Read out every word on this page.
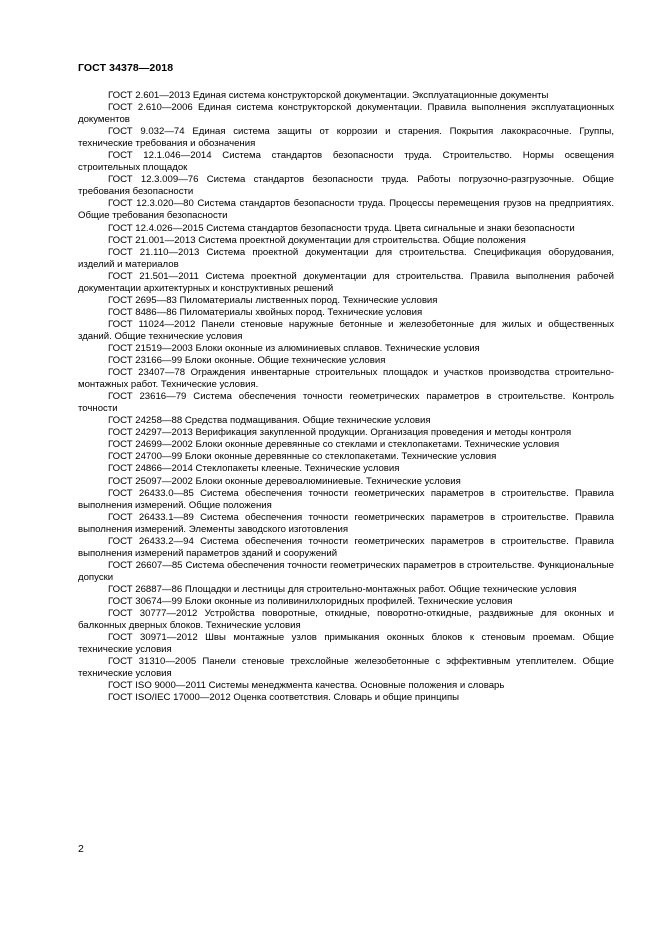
ГОСТ 34378—2018
ГОСТ 2.601—2013 Единая система конструкторской документации. Эксплуатационные документы
ГОСТ 2.610—2006 Единая система конструкторской документации. Правила выполнения эксплуатационных документов
ГОСТ 9.032—74 Единая система защиты от коррозии и старения. Покрытия лакокрасочные. Группы, технические требования и обозначения
ГОСТ 12.1.046—2014 Система стандартов безопасности труда. Строительство. Нормы освещения строительных площадок
ГОСТ 12.3.009—76 Система стандартов безопасности труда. Работы погрузочно-разгрузочные. Общие требования безопасности
ГОСТ 12.3.020—80 Система стандартов безопасности труда. Процессы перемещения грузов на предприятиях. Общие требования безопасности
ГОСТ 12.4.026—2015 Система стандартов безопасности труда. Цвета сигнальные и знаки безопасности
ГОСТ 21.001—2013 Система проектной документации для строительства. Общие положения
ГОСТ 21.110—2013 Система проектной документации для строительства. Спецификация оборудования, изделий и материалов
ГОСТ 21.501—2011 Система проектной документации для строительства. Правила выполнения рабочей документации архитектурных и конструктивных решений
ГОСТ 2695—83 Пиломатериалы лиственных пород. Технические условия
ГОСТ 8486—86 Пиломатериалы хвойных пород. Технические условия
ГОСТ 11024—2012 Панели стеновые наружные бетонные и железобетонные для жилых и общественных зданий. Общие технические условия
ГОСТ 21519—2003 Блоки оконные из алюминиевых сплавов. Технические условия
ГОСТ 23166—99 Блоки оконные. Общие технические условия
ГОСТ 23407—78 Ограждения инвентарные строительных площадок и участков производства строительно-монтажных работ. Технические условия.
ГОСТ 23616—79 Система обеспечения точности геометрических параметров в строительстве. Контроль точности
ГОСТ 24258—88 Средства подмащивания. Общие технические условия
ГОСТ 24297—2013 Верификация закупленной продукции. Организация проведения и методы контроля
ГОСТ 24699—2002 Блоки оконные деревянные со стеклами и стеклопакетами. Технические условия
ГОСТ 24700—99 Блоки оконные деревянные со стеклопакетами. Технические условия
ГОСТ 24866—2014 Стеклопакеты клееные. Технические условия
ГОСТ 25097—2002 Блоки оконные деревоалюминиевые. Технические условия
ГОСТ 26433.0—85 Система обеспечения точности геометрических параметров в строительстве. Правила выполнения измерений. Общие положения
ГОСТ 26433.1—89 Система обеспечения точности геометрических параметров в строительстве. Правила выполнения измерений. Элементы заводского изготовления
ГОСТ 26433.2—94 Система обеспечения точности геометрических параметров в строительстве. Правила выполнения измерений параметров зданий и сооружений
ГОСТ 26607—85 Система обеспечения точности геометрических параметров в строительстве. Функциональные допуски
ГОСТ 26887—86 Площадки и лестницы для строительно-монтажных работ. Общие технические условия
ГОСТ 30674—99 Блоки оконные из поливинилхлоридных профилей. Технические условия
ГОСТ 30777—2012 Устройства поворотные, откидные, поворотно-откидные, раздвижные для оконных и балконных дверных блоков. Технические условия
ГОСТ 30971—2012 Швы монтажные узлов примыкания оконных блоков к стеновым проемам. Общие технические условия
ГОСТ 31310—2005 Панели стеновые трехслойные железобетонные с эффективным утеплителем. Общие технические условия
ГОСТ ISO 9000—2011 Системы менеджмента качества. Основные положения и словарь
ГОСТ ISO/IEC 17000—2012 Оценка соответствия. Словарь и общие принципы
2
